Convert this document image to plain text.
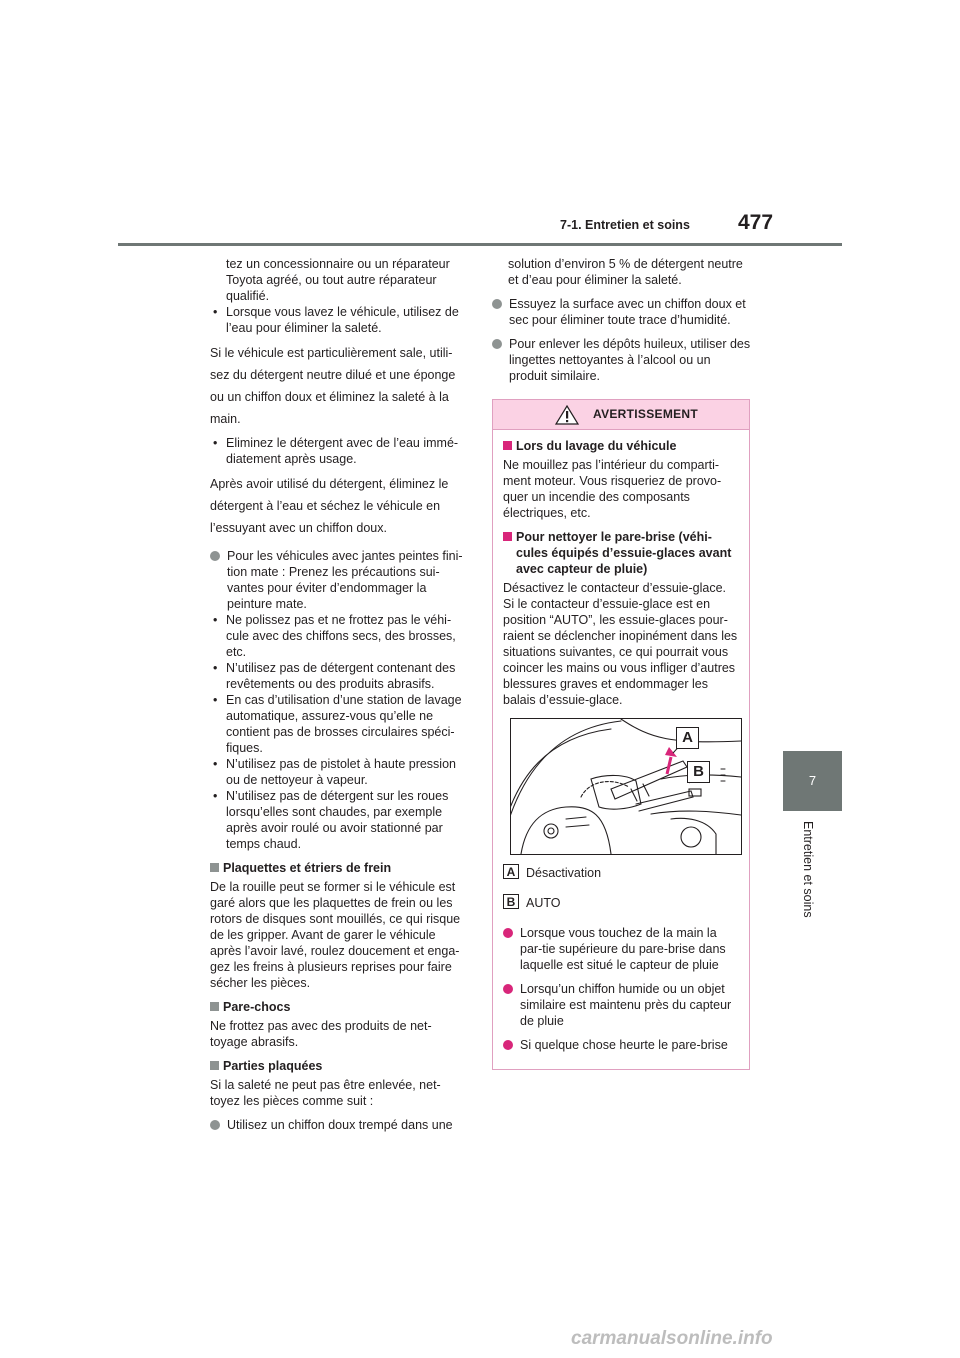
7-1. Entretien et soins 477
7
Entretien et soins

tez un concessionnaire ou un réparateur Toyota agréé, ou tout autre réparateur qualifié.

• Lorsque vous lavez le véhicule, utilisez de l’eau pour éliminer la saleté.

Si le véhicule est particulièrement sale, utili-

sez du détergent neutre dilué et une éponge

ou un chiffon doux et éliminez la saleté à la

main.

• Eliminez le détergent avec de l’eau immé-diatement après usage.

Après avoir utilisé du détergent, éliminez le

détergent à l’eau et séchez le véhicule en

l’essuyant avec un chiffon doux.

Pour les véhicules avec jantes peintes fini-tion mate : Prenez les précautions sui-vantes pour éviter d’endommager la peinture mate.
• Ne polissez pas et ne frottez pas le véhi-cule avec des chiffons secs, des brosses, etc.
• N’utilisez pas de détergent contenant des revêtements ou des produits abrasifs.
• En cas d’utilisation d’une station de lavage automatique, assurez-vous qu’elle ne contient pas de brosses circulaires spéci-fiques.
• N’utilisez pas de pistolet à haute pression ou de nettoyeur à vapeur.
• N’utilisez pas de détergent sur les roues lorsqu’elles sont chaudes, par exemple après avoir roulé ou avoir stationné par temps chaud.
Plaquettes et étriers de frein

De la rouille peut se former si le véhicule est garé alors que les plaquettes de frein ou les rotors de disques sont mouillés, ce qui risque de les gripper. Avant de garer le véhicule après l’avoir lavé, roulez doucement et enga-gez les freins à plusieurs reprises pour faire sécher les pièces.

Pare-chocs

Ne frottez pas avec des produits de net-toyage abrasifs.

Parties plaquées

Si la saleté ne peut pas être enlevée, net-toyez les pièces comme suit :

Utilisez un chiffon doux trempé dans une

solution d’environ 5 % de détergent neutre et d’eau pour éliminer la saleté.

Essuyez la surface avec un chiffon doux et sec pour éliminer toute trace d’humidité.
Pour enlever les dépôts huileux, utiliser des lingettes nettoyantes à l’alcool ou un produit similaire.
AVERTISSEMENT
Lors du lavage du véhicule

Ne mouillez pas l’intérieur du comparti-ment moteur. Vous risqueriez de provo-quer un incendie des composants électriques, etc.

Pour nettoyer le pare-brise (véhi-cules équipés d’essuie-glaces avant avec capteur de pluie)

Désactivez le contacteur d’essuie-glace. Si le contacteur d’essuie-glace est en position “AUTO”, les essuie-glaces pour-raient se déclencher inopinément dans les situations suivantes, ce qui pourrait vous coincer les mains ou vous infliger d’autres blessures graves et endommager les balais d’essuie-glace.

A
B
A Désactivation
B AUTO
Lorsque vous touchez de la main la par-tie supérieure du pare-brise dans laquelle est situé le capteur de pluie
Lorsqu’un chiffon humide ou un objet similaire est maintenu près du capteur de pluie
Si quelque chose heurte le pare-brise
carmanualsonline.info
